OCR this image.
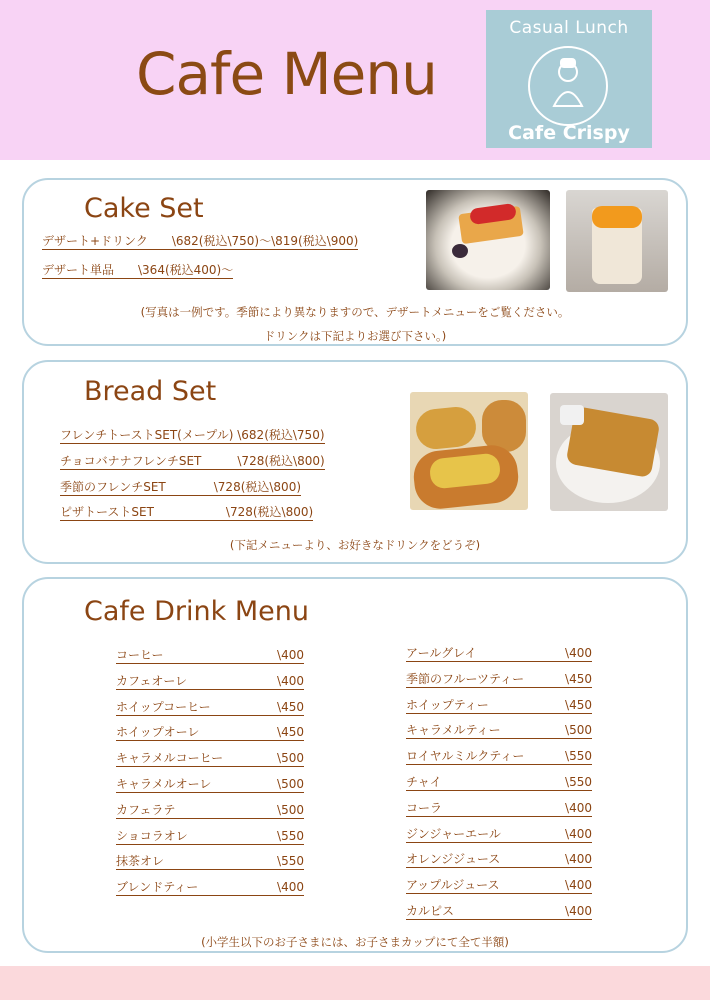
Cafe Menu
Casual Lunch
Cafe Crispy
Cake Set
デザート+ドリンク　　\682(税込\750)～\819(税込\900)
デザート単品　　\364(税込400)～
(写真は一例です。季節により異なりますので、デザートメニューをご覧ください。
ドリンクは下記よりお選び下さい。)
Bread Set
フレンチトーストSET(メープル) \682(税込\750)
チョコバナナフレンチSET　　　\728(税込\800)
季節のフレンチSET　　　　\728(税込\800)
ピザトーストSET　　　　　　\728(税込\800)
(下記メニューより、お好きなドリンクをどうぞ)
Cafe Drink Menu
コーヒー	\400
カフェオーレ	\400
ホイップコーヒー	\450
ホイップオーレ	\450
キャラメルコーヒー	\500
キャラメルオーレ	\500
カフェラテ	\500
ショコラオレ	\550
抹茶オレ	\550
ブレンドティー	\400
アールグレイ	\400
季節のフルーツティー	\450
ホイップティー	\450
キャラメルティー	\500
ロイヤルミルクティー	\550
チャイ	\550
コーラ	\400
ジンジャーエール	\400
オレンジジュース	\400
アップルジュース	\400
カルピス	\400
(小学生以下のお子さまには、お子さまカップにて全て半額)
